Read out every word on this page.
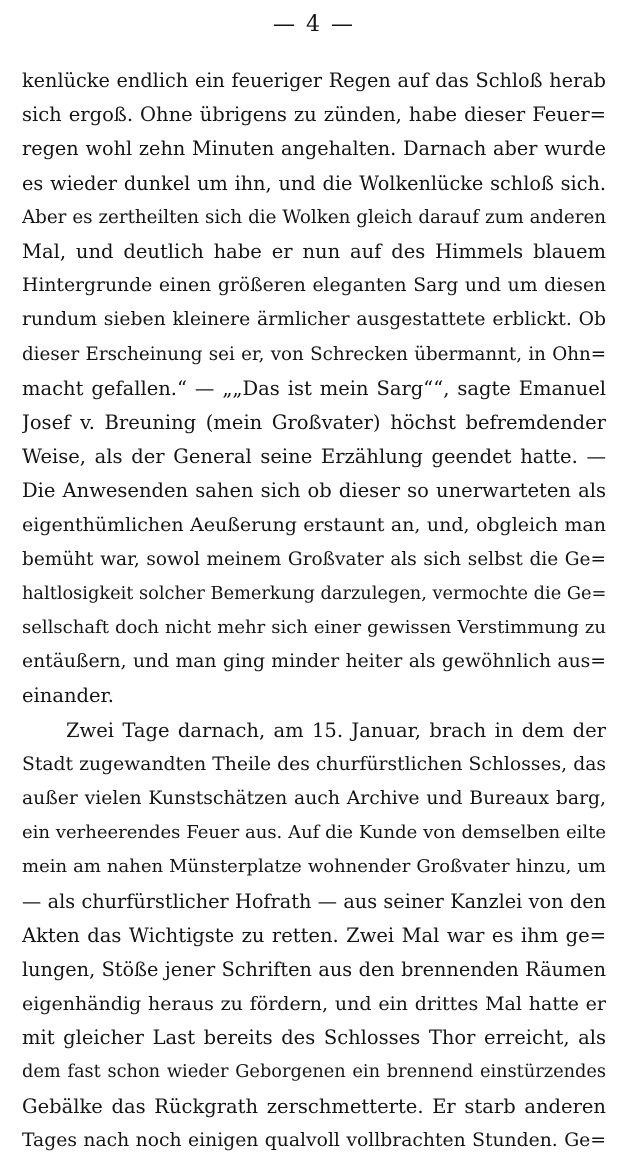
— 4 —
kenlücke endlich ein feueriger Regen auf das Schloß herab
sich ergoß. Ohne übrigens zu zünden, habe dieser Feuer=
regen wohl zehn Minuten angehalten. Darnach aber wurde
es wieder dunkel um ihn, und die Wolkenlücke schloß sich.
Aber es zertheilten sich die Wolken gleich darauf zum anderen
Mal, und deutlich habe er nun auf des Himmels blauem
Hintergrunde einen größeren eleganten Sarg und um diesen
rundum sieben kleinere ärmlicher ausgestattete erblickt. Ob
dieser Erscheinung sei er, von Schrecken übermannt, in Ohn=
macht gefallen.“ — „„Das ist mein Sarg““, sagte Emanuel
Josef v. Breuning (mein Großvater) höchst befremdender
Weise, als der General seine Erzählung geendet hatte. —
Die Anwesenden sahen sich ob dieser so unerwarteten als
eigenthümlichen Aeußerung erstaunt an, und, obgleich man
bemüht war, sowol meinem Großvater als sich selbst die Ge=
haltlosigkeit solcher Bemerkung darzulegen, vermochte die Ge=
sellschaft doch nicht mehr sich einer gewissen Verstimmung zu
entäußern, und man ging minder heiter als gewöhnlich aus=
einander.
Zwei Tage darnach, am 15. Januar, brach in dem der
Stadt zugewandten Theile des churfürstlichen Schlosses, das
außer vielen Kunstschätzen auch Archive und Bureaux barg,
ein verheerendes Feuer aus. Auf die Kunde von demselben eilte
mein am nahen Münsterplatze wohnender Großvater hinzu, um
— als churfürstlicher Hofrath — aus seiner Kanzlei von den
Akten das Wichtigste zu retten. Zwei Mal war es ihm ge=
lungen, Stöße jener Schriften aus den brennenden Räumen
eigenhändig heraus zu fördern, und ein drittes Mal hatte er
mit gleicher Last bereits des Schlosses Thor erreicht, als
dem fast schon wieder Geborgenen ein brennend einstürzendes
Gebälke das Rückgrath zerschmetterte. Er starb anderen
Tages nach noch einigen qualvoll vollbrachten Stunden. Ge=
